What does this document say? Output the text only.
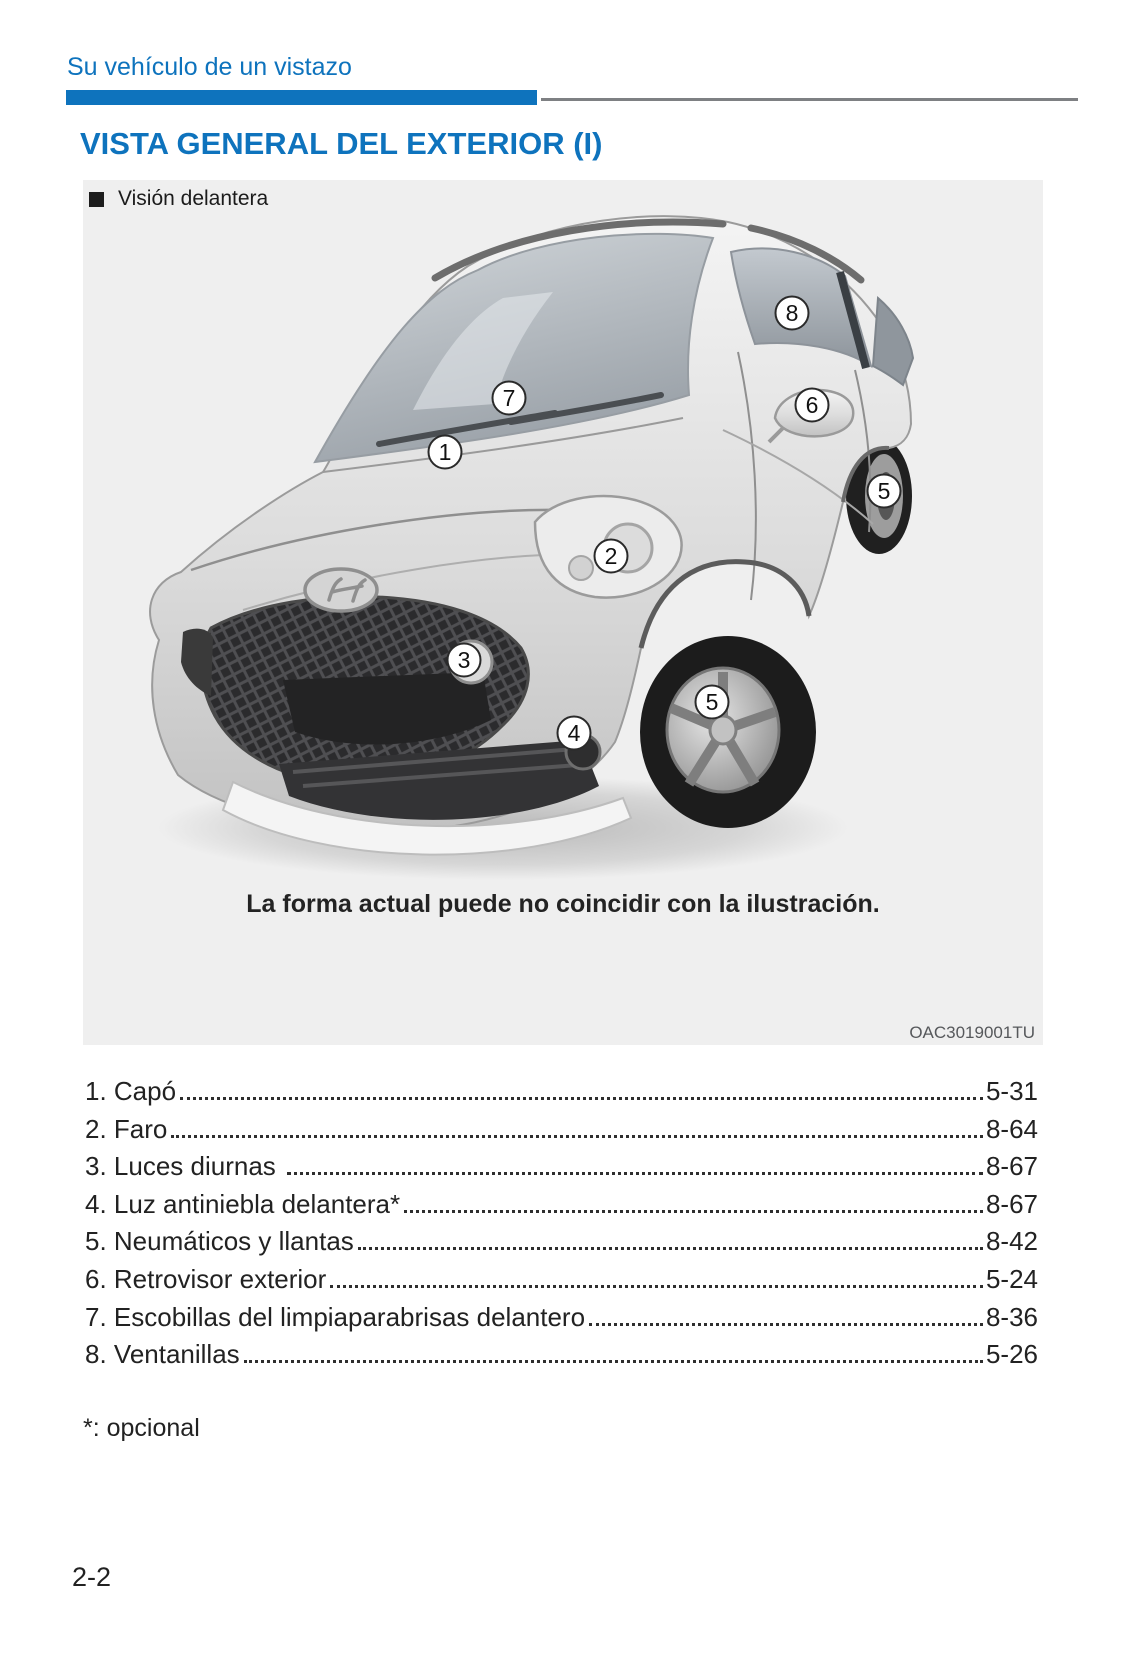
Su vehículo de un vistazo
VISTA GENERAL DEL EXTERIOR (I)
1
2
3
4
5
5
6
7
8
Visión delantera
La forma actual puede no coincidir con la ilustración.
OAC3019001TU
1. Capó	5-31
2. Faro	8-64
3. Luces diurnas	8-67
4. Luz antiniebla delantera*	8-67
5. Neumáticos y llantas	8-42
6. Retrovisor exterior	5-24
7. Escobillas del limpiaparabrisas delantero	8-36
8. Ventanillas	5-26
*: opcional
2-2
